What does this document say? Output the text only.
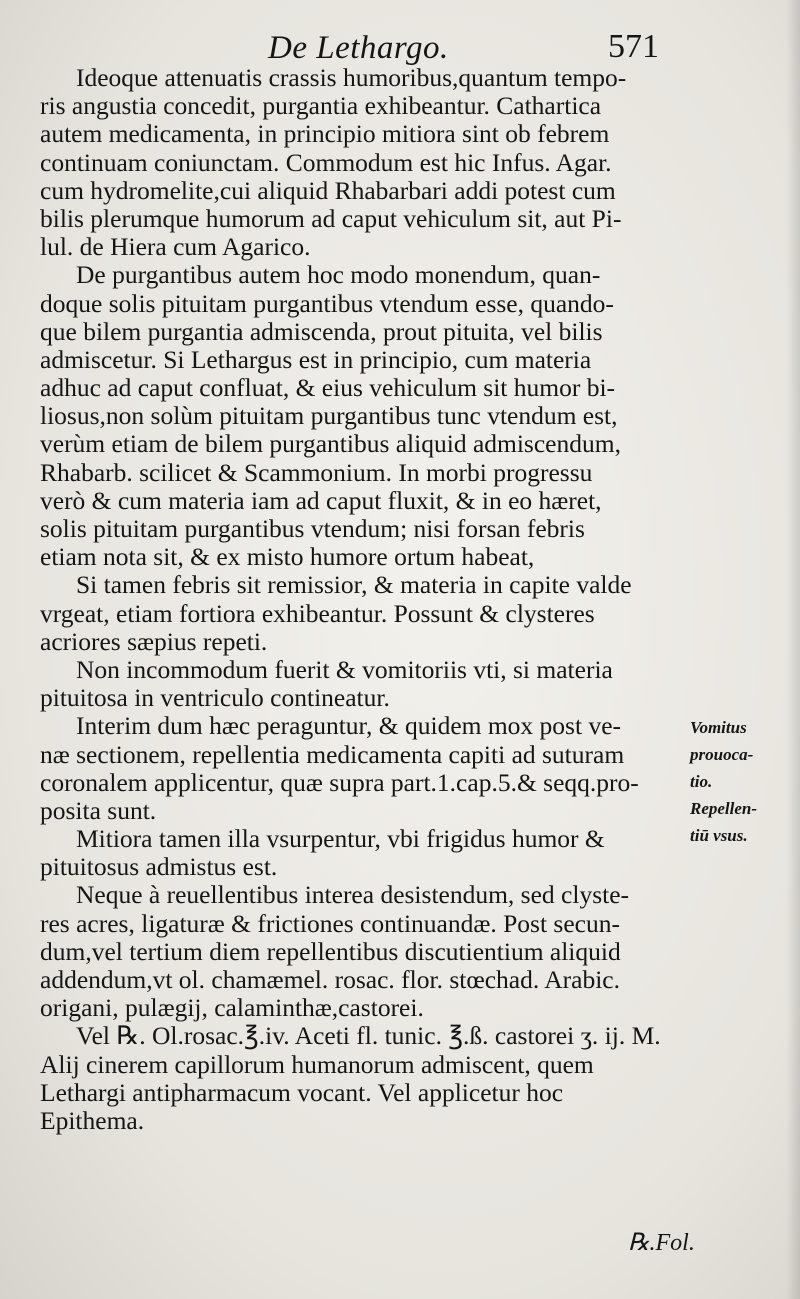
De Lethargo.	571
Ideoque attenuatis crassis humoribus,quantum tempo-
ris angustia concedit, purgantia exhibeantur. Cathartica
autem medicamenta, in principio mitiora sint ob febrem
continuam coniunctam. Commodum est hic Infus. Agar.
cum hydromelite,cui aliquid Rhabarbari addi potest cum
bilis plerumque humorum ad caput vehiculum sit, aut Pi-
lul. de Hiera cum Agarico.
De purgantibus autem hoc modo monendum, quan-
doque solis pituitam purgantibus vtendum esse, quando-
que bilem purgantia admiscenda, prout pituita, vel bilis
admiscetur. Si Lethargus est in principio, cum materia
adhuc ad caput confluat, & eius vehiculum sit humor bi-
liosus,non solùm pituitam purgantibus tunc vtendum est,
verùm etiam de bilem purgantibus aliquid admiscendum,
Rhabarb. scilicet & Scammonium. In morbi progressu
verò & cum materia iam ad caput fluxit, & in eo hæret,
solis pituitam purgantibus vtendum; nisi forsan febris
etiam nota sit, & ex misto humore ortum habeat,
Si tamen febris sit remissior, & materia in capite valde
vrgeat, etiam fortiora exhibeantur. Possunt & clysteres
acriores sæpius repeti.
Non incommodum fuerit & vomitoriis vti, si materia
pituitosa in ventriculo contineatur.
Interim dum hæc peraguntur, & quidem mox post ve-
næ sectionem, repellentia medicamenta capiti ad suturam
coronalem applicentur, quæ supra part.1.cap.5.& seqq.pro-
posita sunt.
Mitiora tamen illa vsurpentur, vbi frigidus humor &
pituitosus admistus est.
Neque à reuellentibus interea desistendum, sed clyste-
res acres, ligaturæ & frictiones continuandæ. Post secun-
dum,vel tertium diem repellentibus discutientium aliquid
addendum,vt ol. chamæmel. rosac. flor. stœchad. Arabic.
origani, pulægij, calaminthæ,castorei.
Vel ℞. Ol.rosac.℥.iv. Aceti fl. tunic. ℥.ß. castorei ʒ. ij. M.
Alij cinerem capillorum humanorum admiscent, quem
Lethargi antipharmacum vocant. Vel applicetur hoc
Epithema.
Vomitus
prouoca-
tio.
Repellen-
tiū vsus.
℞.Fol.
